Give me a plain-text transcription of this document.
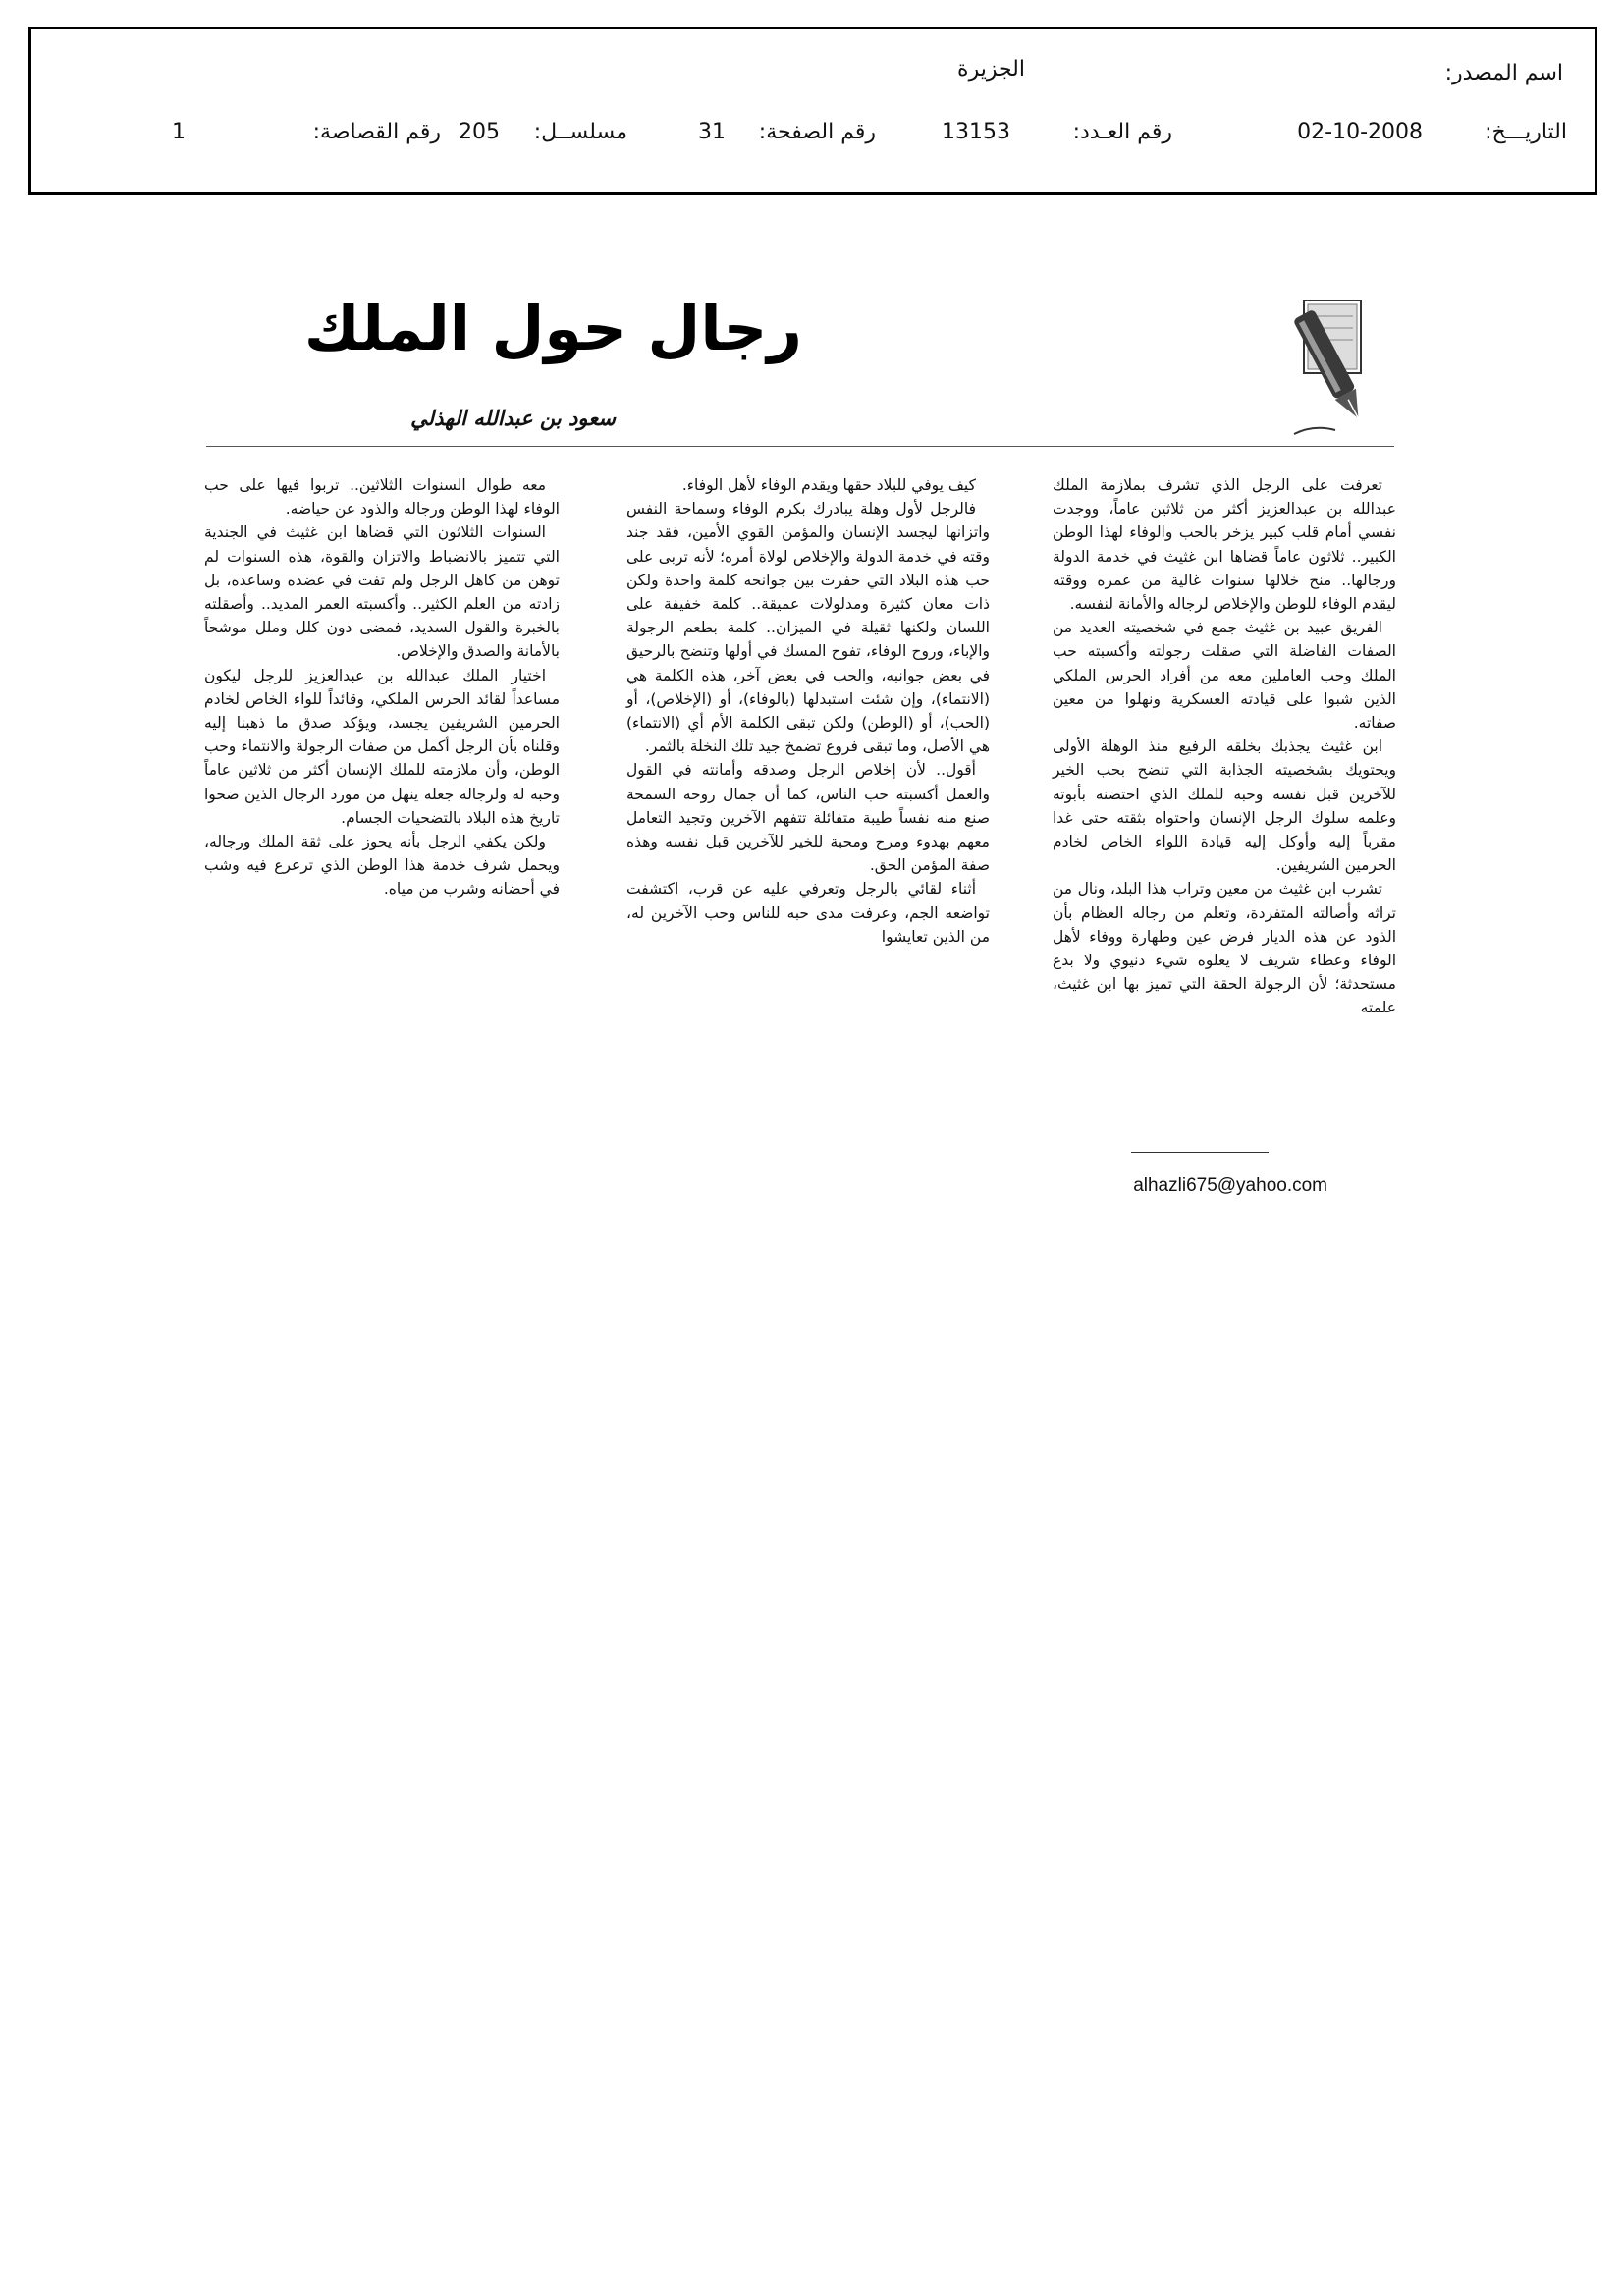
اسم المصدر:
الجزيرة
التاريـــخ:
02-10-2008
رقم العـدد:
13153
رقم الصفحة:
31
مسلســل:
205
رقم القصاصة:
1
رجال حول الملك
سعود بن عبدالله الهذلي

تعرفت على الرجل الذي تشرف بملازمة الملك عبدالله بن عبدالعزيز أكثر من ثلاثين عاماً، ووجدت نفسي أمام قلب كبير يزخر بالحب والوفاء لهذا الوطن الكبير.. ثلاثون عاماً قضاها ابن غثيث في خدمة الدولة ورجالها.. منح خلالها سنوات غالية من عمره ووقته ليقدم الوفاء للوطن والإخلاص لرجاله والأمانة لنفسه.

الفريق عبيد بن غثيث جمع في شخصيته العديد من الصفات الفاضلة التي صقلت رجولته وأكسبته حب الملك وحب العاملين معه من أفراد الحرس الملكي الذين شبوا على قيادته العسكرية ونهلوا من معين صفاته.

ابن غثيث يجذبك بخلقه الرفيع منذ الوهلة الأولى ويحتويك بشخصيته الجذابة التي تنضح بحب الخير للآخرين قبل نفسه وحبه للملك الذي احتضنه بأبوته وعلمه سلوك الرجل الإنسان واحتواه بثقته حتى غدا مقرباً إليه وأوكل إليه قيادة اللواء الخاص لخادم الحرمين الشريفين.

تشرب ابن غثيث من معين وتراب هذا البلد، ونال من تراثه وأصالته المتفردة، وتعلم من رجاله العظام بأن الذود عن هذه الديار فرض عين وطهارة ووفاء لأهل الوفاء وعطاء شريف لا يعلوه شيء دنيوي ولا بدع مستحدثة؛ لأن الرجولة الحقة التي تميز بها ابن غثيث، علمته

كيف يوفي للبلاد حقها ويقدم الوفاء لأهل الوفاء.

فالرجل لأول وهلة يبادرك بكرم الوفاء وسماحة النفس واتزانها ليجسد الإنسان والمؤمن القوي الأمين، فقد جند وقته في خدمة الدولة والإخلاص لولاة أمره؛ لأنه تربى على حب هذه البلاد التي حفرت بين جوانحه كلمة واحدة ولكن ذات معان كثيرة ومدلولات عميقة.. كلمة خفيفة على اللسان ولكنها ثقيلة في الميزان.. كلمة بطعم الرجولة والإباء، وروح الوفاء، تفوح المسك في أولها وتنضح بالرحيق في بعض جوانبه، والحب في بعض آخر، هذه الكلمة هي (الانتماء)، وإن شئت استبدلها (بالوفاء)، أو (الإخلاص)، أو (الحب)، أو (الوطن) ولكن تبقى الكلمة الأم أي (الانتماء) هي الأصل، وما تبقى فروع تضمخ جيد تلك النخلة بالثمر.

أقول.. لأن إخلاص الرجل وصدقه وأمانته في القول والعمل أكسبته حب الناس، كما أن جمال روحه السمحة صنع منه نفساً طيبة متفائلة تتفهم الآخرين وتجيد التعامل معهم بهدوء ومرح ومحبة للخير للآخرين قبل نفسه وهذه صفة المؤمن الحق.

أثناء لقائي بالرجل وتعرفي عليه عن قرب، اكتشفت تواضعه الجم، وعرفت مدى حبه للناس وحب الآخرين له، من الذين تعايشوا

معه طوال السنوات الثلاثين.. تربوا فيها على حب الوفاء لهذا الوطن ورجاله والذود عن حياضه.

السنوات الثلاثون التي قضاها ابن غثيث في الجندية التي تتميز بالانضباط والاتزان والقوة، هذه السنوات لم توهن من كاهل الرجل ولم تفت في عضده وساعده، بل زادته من العلم الكثير.. وأكسبته العمر المديد.. وأصقلته بالخبرة والقول السديد، فمضى دون كلل وملل موشحاً بالأمانة والصدق والإخلاص.

اختيار الملك عبدالله بن عبدالعزيز للرجل ليكون مساعداً لقائد الحرس الملكي، وقائداً للواء الخاص لخادم الحرمين الشريفين يجسد، ويؤكد صدق ما ذهبنا إليه وقلناه بأن الرجل أكمل من صفات الرجولة والانتماء وحب الوطن، وأن ملازمته للملك الإنسان أكثر من ثلاثين عاماً وحبه له ولرجاله جعله ينهل من مورد الرجال الذين ضحوا تاريخ هذه البلاد بالتضحيات الجسام.

ولكن يكفي الرجل بأنه يحوز على ثقة الملك ورجاله، ويحمل شرف خدمة هذا الوطن الذي ترعرع فيه وشب في أحضانه وشرب من مياه.

alhazli675@yahoo.com
